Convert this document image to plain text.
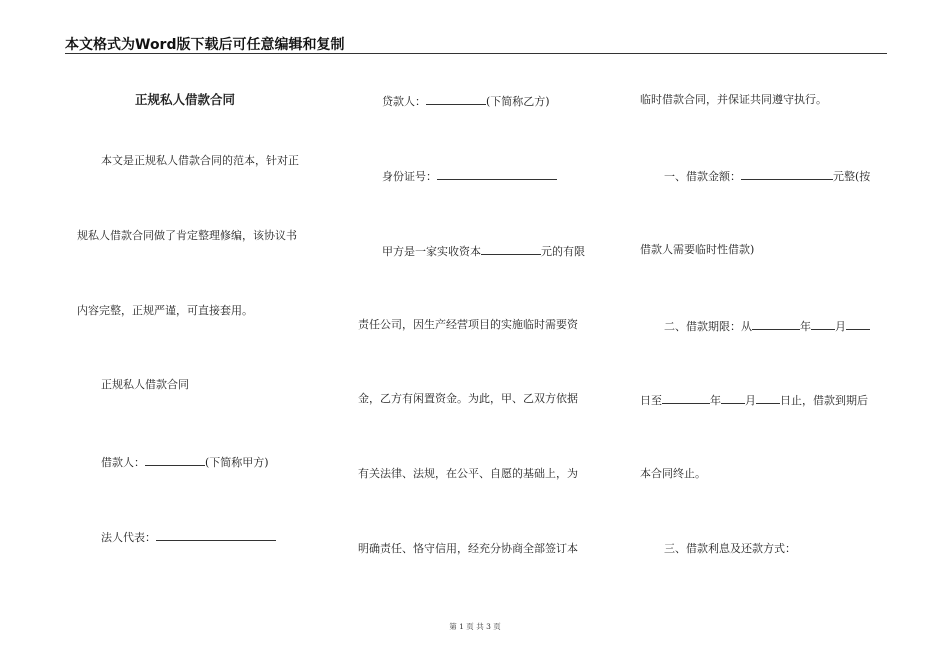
本文格式为Word版下载后可任意编辑和复制
正规私人借款合同
本文是正规私人借款合同的范本，针对正
规私人借款合同做了肯定整理修编，该协议书
内容完整，正规严谨，可直接套用。
正规私人借款合同
借款人：	(下简称甲方)
法人代表：
贷款人：	(下简称乙方)
身份证号：
甲方是一家实收资本	元的有限
责任公司，因生产经营项目的实施临时需要资
金，乙方有闲置资金。为此，甲、乙双方依据
有关法律、法规，在公平、自愿的基础上，为
明确责任、恪守信用，经充分协商全部签订本
临时借款合同，并保证共同遵守执行。
一、借款金额：	元整(按
借款人需要临时性借款)
二、借款期限：从	年 月
日至	年 月 日止，借款到期后
本合同终止。
三、借款利息及还款方式：
第 1 页 共 3 页
